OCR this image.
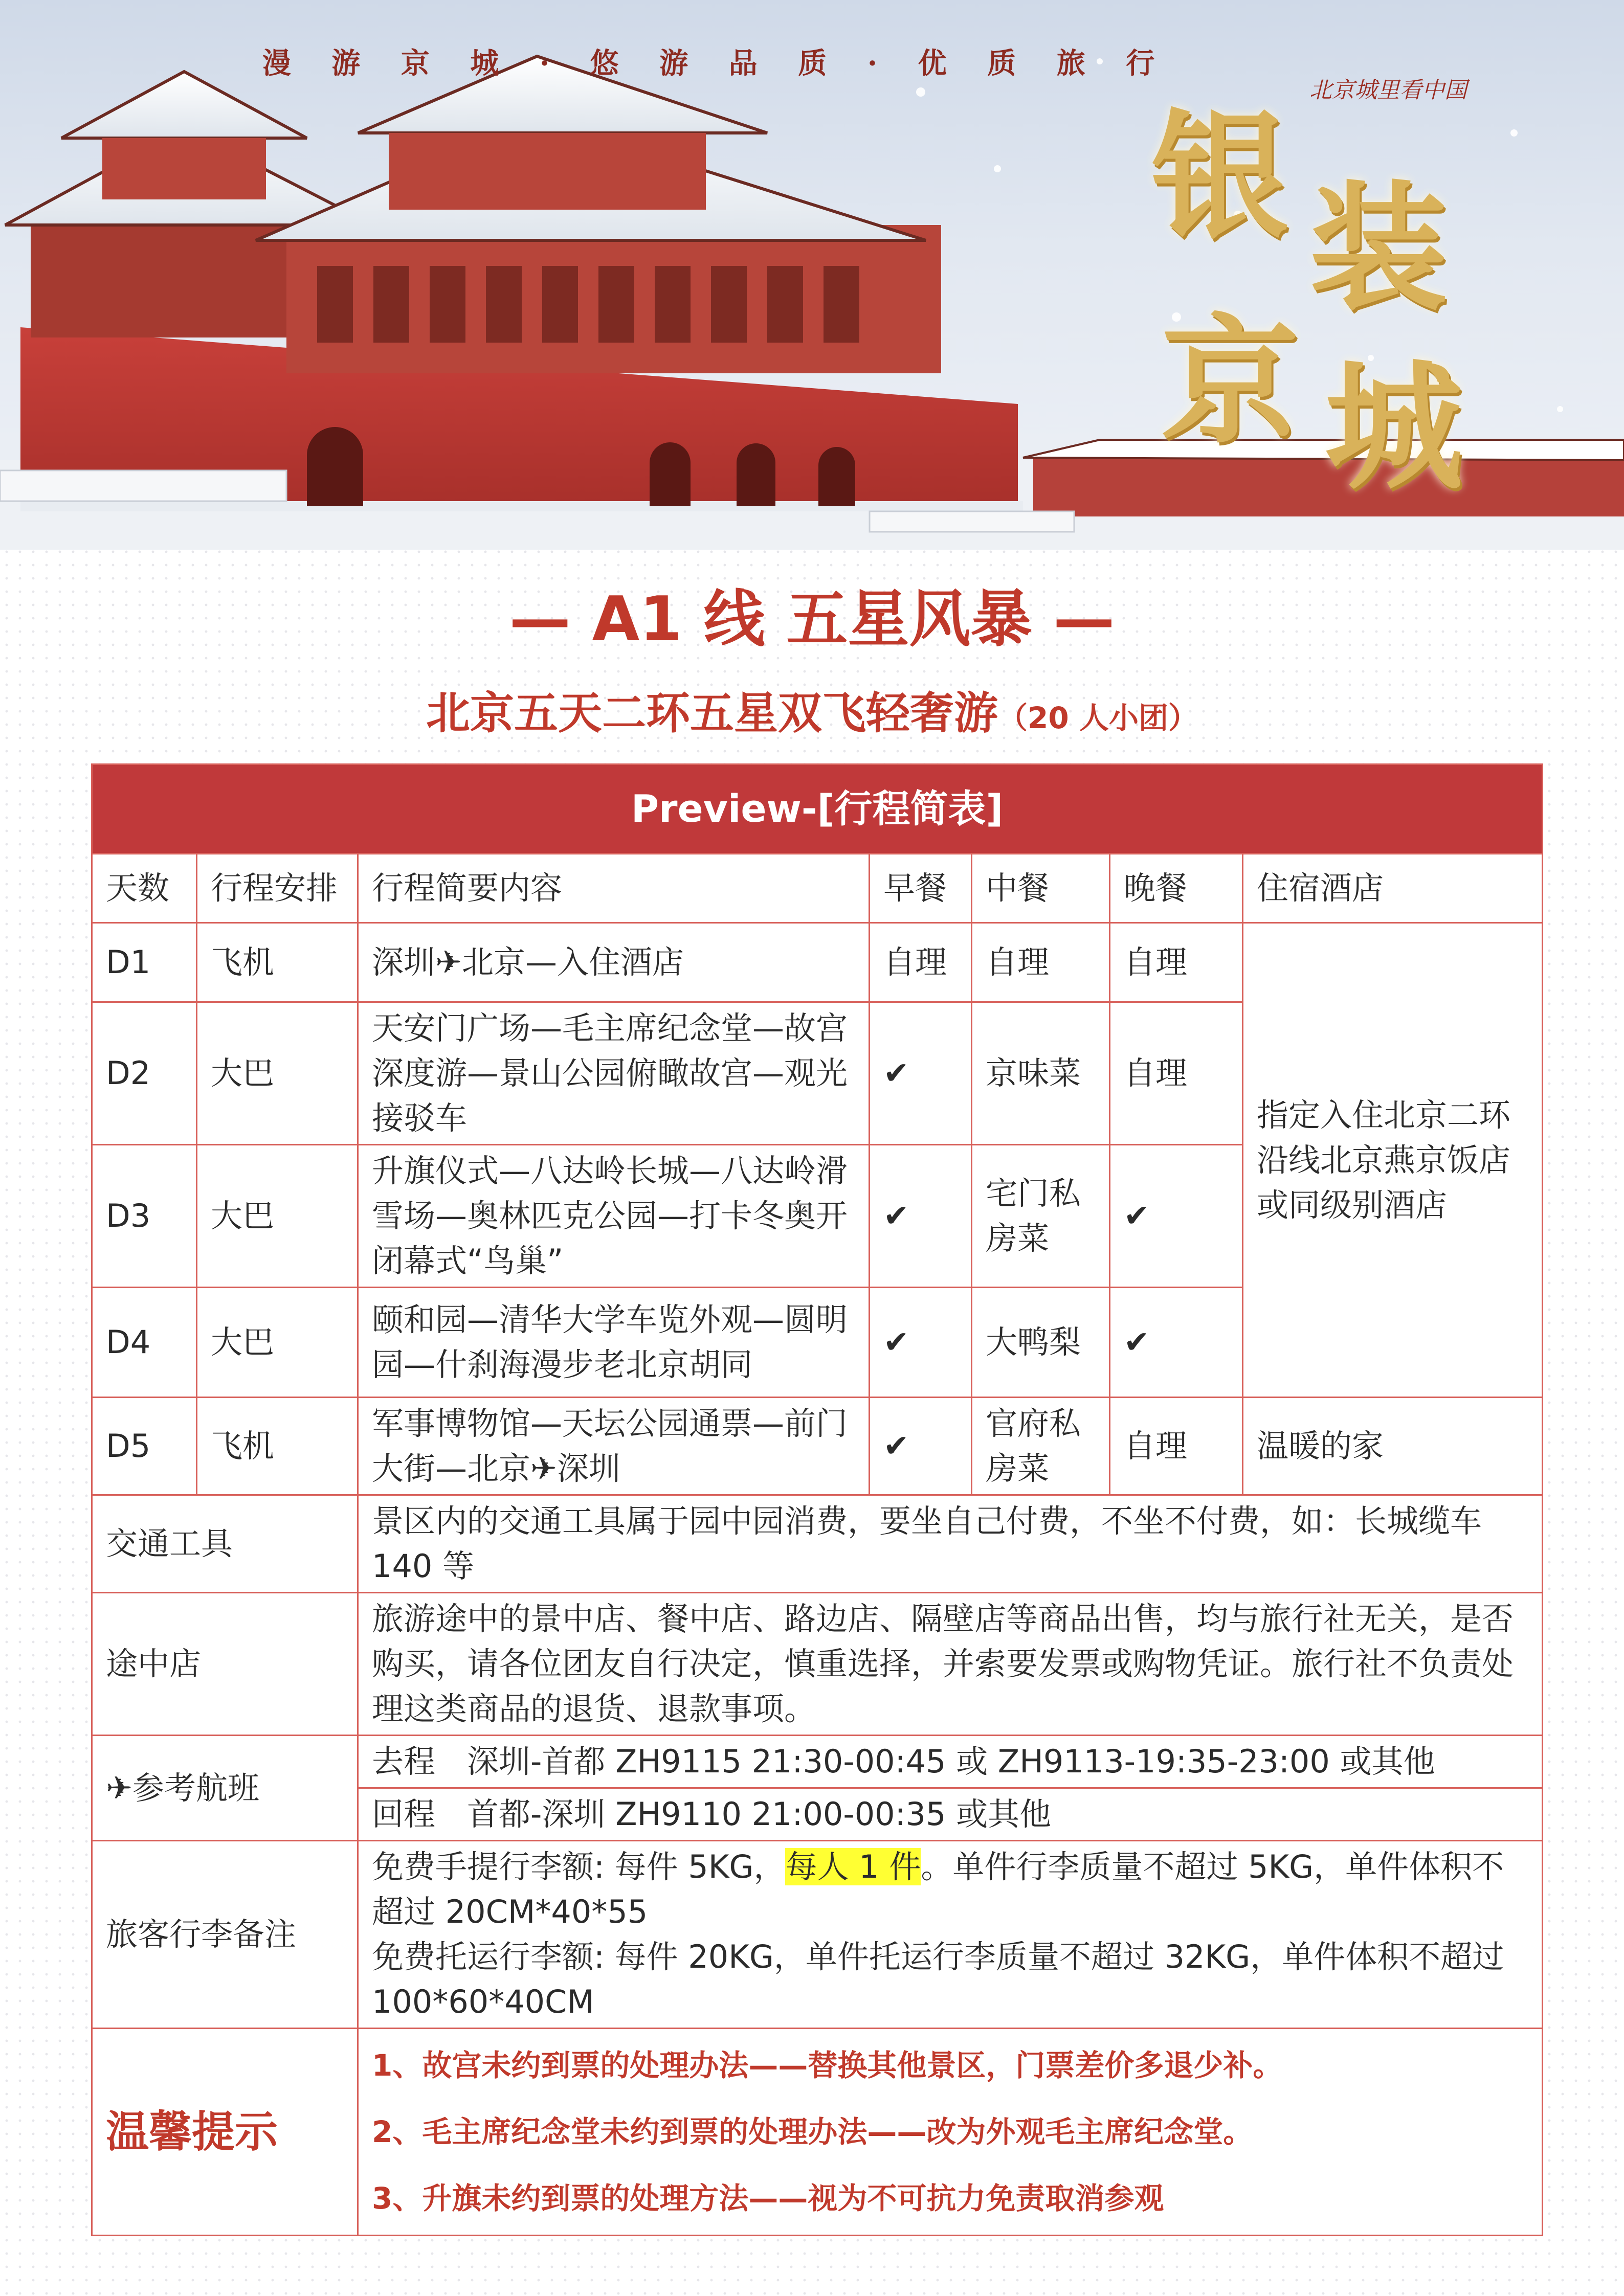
漫 游 京 城 · 悠 游 品 质 · 优 质 旅 行
银 装
京 城
北京城里看中国
— A1 线 五星风暴 —
北京五天二环五星双飞轻奢游（20 人小团）
Preview-[行程简表]						
天数	行程安排	行程简要内容	早餐	中餐	晚餐	住宿酒店
D1	飞机	深圳✈北京—入住酒店	自理	自理	自理	指定入住北京二环沿线北京燕京饭店或同级别酒店
D2	大巴	天安门广场—毛主席纪念堂—故宫深度游—景山公园俯瞰故宫—观光接驳车	✔	京味菜	自理	
D3	大巴	升旗仪式—八达岭长城—八达岭滑雪场—奥林匹克公园—打卡冬奥开闭幕式“鸟巢”	✔	宅门私房菜	✔	
D4	大巴	颐和园—清华大学车览外观—圆明园—什刹海漫步老北京胡同	✔	大鸭梨	✔	
D5	飞机	军事博物馆—天坛公园通票—前门大街—北京✈深圳	✔	官府私房菜	自理	温暖的家
交通工具		景区内的交通工具属于园中园消费，要坐自己付费，不坐不付费，如：长城缆车 140 等				
途中店		旅游途中的景中店、餐中店、路边店、隔壁店等商品出售，均与旅行社无关，是否购买，请各位团友自行决定，慎重选择，并索要发票或购物凭证。旅行社不负责处理这类商品的退货、退款事项。				
✈参考航班		去程　深圳-首都 ZH9115 21:30-00:45 或 ZH9113-19:35-23:00 或其他				
		回程　首都-深圳 ZH9110 21:00-00:35 或其他				
旅客行李备注		免费手提行李额: 每件 5KG，每人 1 件。单件行李质量不超过 5KG，单件体积不超过 20CM*40*55
免费托运行李额: 每件 20KG，单件托运行李质量不超过 32KG，单件体积不超过 100*60*40CM				
温馨提示		1、故宫未约到票的处理办法——替换其他景区，门票差价多退少补。
2、毛主席纪念堂未约到票的处理办法——改为外观毛主席纪念堂。
3、升旗未约到票的处理方法——视为不可抗力免责取消参观				
